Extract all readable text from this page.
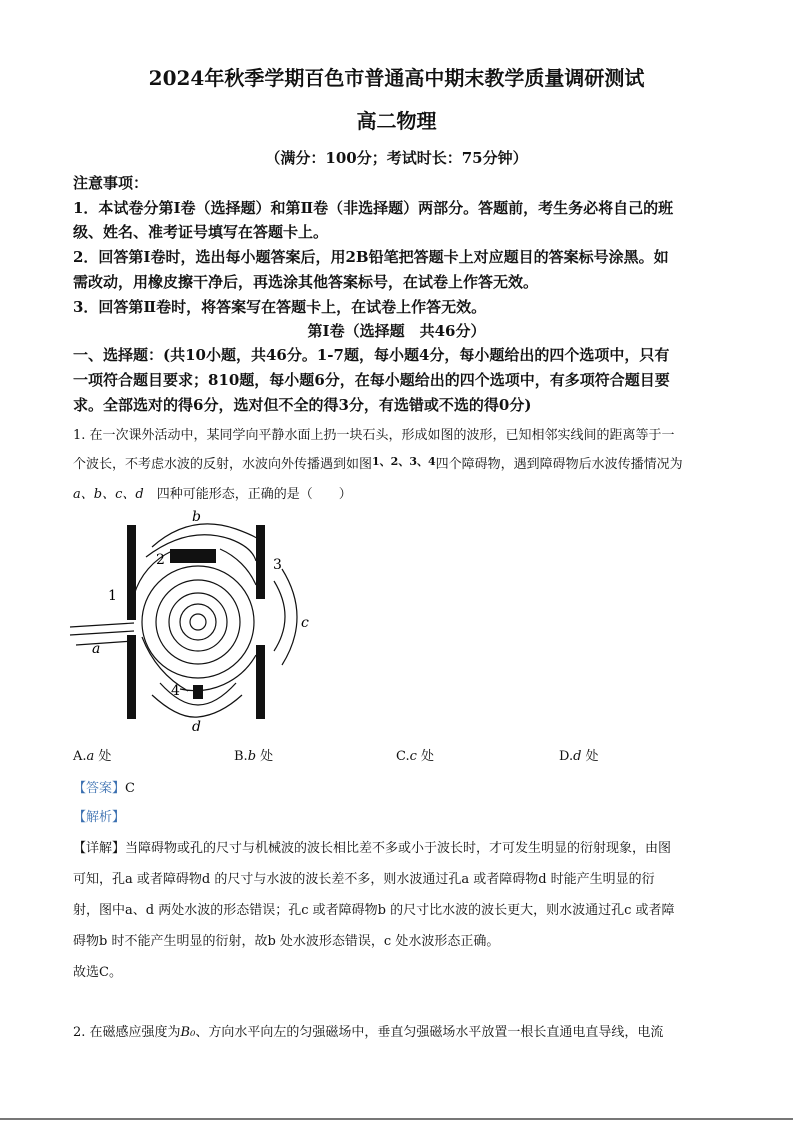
2024年秋季学期百色市普通高中期末教学质量调研测试
高二物理
（满分：100分；考试时长：75分钟）
注意事项：
1．本试卷分第Ⅰ卷（选择题）和第Ⅱ卷（非选择题）两部分。答题前，考生务必将自己的班
级、姓名、准考证号填写在答题卡上。
2．回答第Ⅰ卷时，选出每小题答案后，用2B铅笔把答题卡上对应题目的答案标号涂黑。如
需改动，用橡皮擦干净后，再选涂其他答案标号，在试卷上作答无效。
3．回答第Ⅱ卷时，将答案写在答题卡上，在试卷上作答无效。
第Ⅰ卷（选择题　共46分）
一、选择题：(共10小题，共46分。1-7题，每小题4分，每小题给出的四个选项中，只有
一项符合题目要求；810题，每小题6分，在每小题给出的四个选项中，有多项符合题目要
求。全部选对的得6分，选对但不全的得3分，有选错或不选的得0分)
1. 在一次课外活动中，某同学向平静水面上扔一块石头，形成如图的波形，已知相邻实线间的距离等于一
个波长，不考虑水波的反射，水波向外传播遇到如图$^{1、2、3、4}$四个障碍物，遇到障碍物后水波传播情况为
a、b、c、d  四种可能形态，正确的是（　　）
1
2	3
4
a
b
c
d
A.a 处	B.b 处	C.c 处	D.d 处
【答案】C
【解析】
【详解】当障碍物或孔的尺寸与机械波的波长相比差不多或小于波长时，才可发生明显的衍射现象，由图
可知，孔a 或者障碍物d 的尺寸与水波的波长差不多，则水波通过孔a 或者障碍物d 时能产生明显的衍
射，图中a、d 两处水波的形态错误；孔c 或者障碍物b 的尺寸比水波的波长更大，则水波通过孔c 或者障
碍物b 时不能产生明显的衍射，故b 处水波形态错误，c 处水波形态正确。
故选C。
2. 在磁感应强度为B₀、方向水平向左的匀强磁场中，垂直匀强磁场水平放置一根长直通电直导线，电流
